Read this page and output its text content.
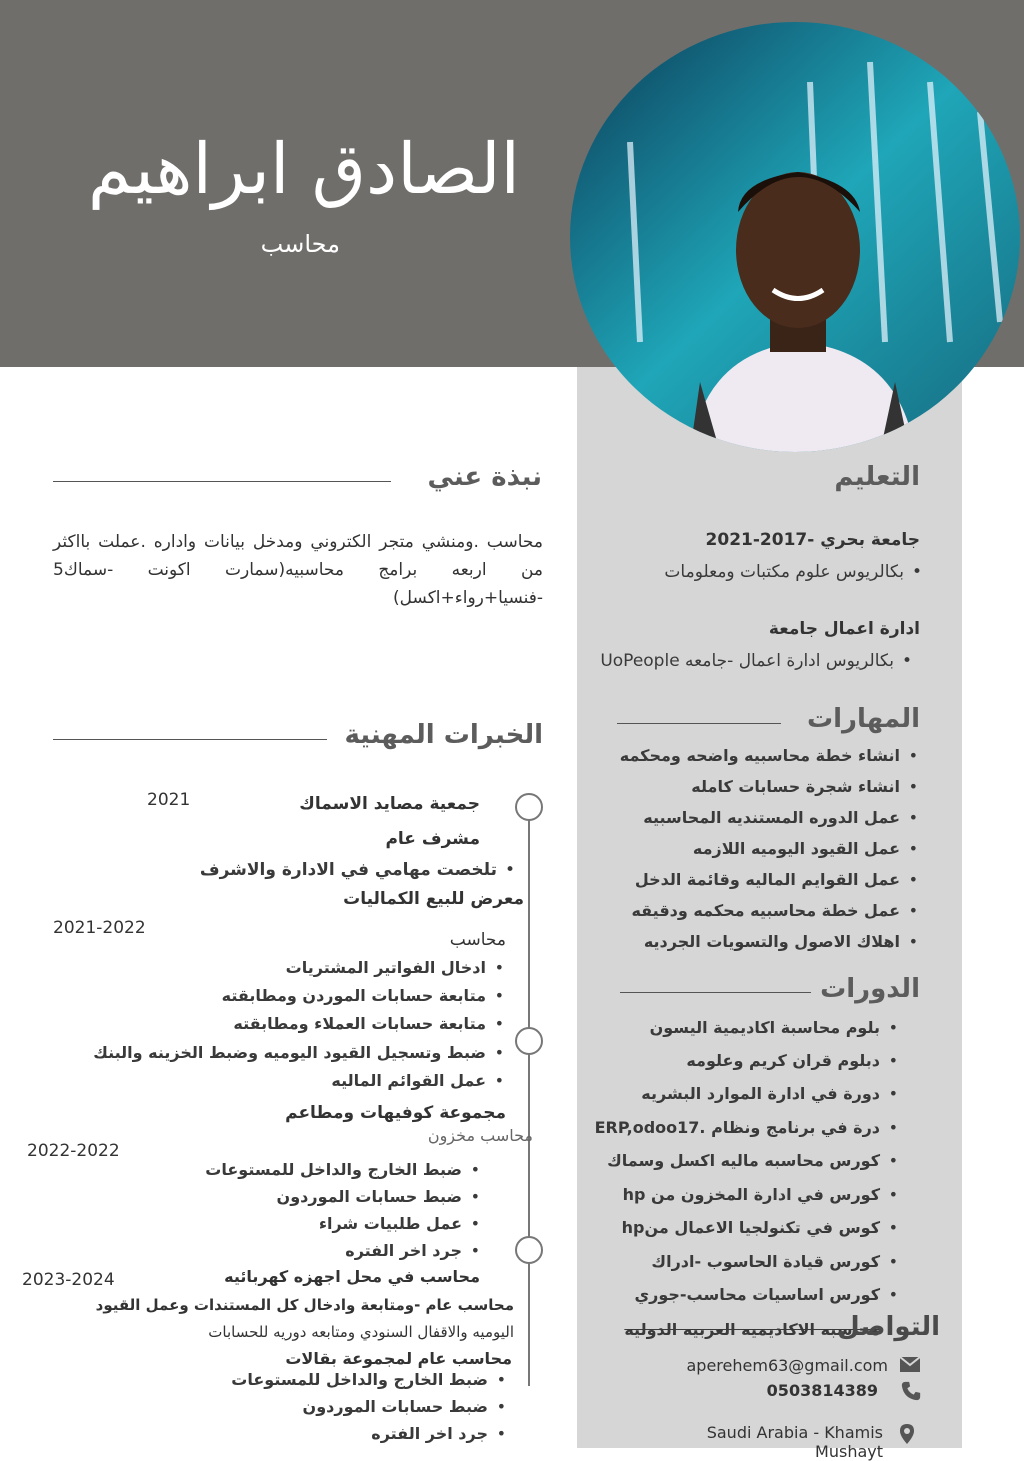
الصادق ابراهيم
محاسب
نبذة عني
محاسب .ومنشي متجر الكتروني ومدخل بيانات واداره .عملت بااكثر من اربعه برامج محاسبيه(سمارت اكونت -سماك5 -فنسيا+رواء+اكسل)
الخبرات المهنية
2021	جمعية مصايد الاسماك
مشرف عام
• تلخصت مهامي في الادارة والاشرف
معرض للبيع الكماليات
2021-2022
محاسب
• ادخال الفواتير المشتريات
• متابعة حسابات الموردن ومطابقته
• متابعة حسابات العملاء ومطابقته
• ضبط وتسجيل القيود اليوميه وضبط الخزينه والبنك
• عمل القوائم الماليه
مجموعة كوفيهات ومطاعم
محاسب مخزون
2022-2022
• ضبط الخارج والداخل للمستوعات
• ضبط حسابات الموردون
• عمل طلبيات شراء
• جرد اخر الفتره
2023-2024	محاسب في محل اجهزه كهربائيه
محاسب عام -ومتابعة وادخال كل المستندات وعمل القيود
اليوميه والاقفال السنودي ومتابعه دوريه للحسابات
محاسب عام لمجموعة بقالات
• ضبط الخارج والداخل للمستوعات
• ضبط حسابات الموردون
• جرد اخر الفتره
التعليم
جامعة بحري -2017-2021
• بكالريوس علوم مكتبات ومعلومات
ادارة اعمال جامعة
• بكالريوس ادارة اعمال -جامعه UoPeople
المهارات
• انشاء خطة محاسبيه واضحه ومحكمه
• انشاء شجرة حسابات كامله
• عمل الدوره المستنديه المحاسبيه
• عمل القيود اليوميه اللازمه
• عمل القوايم الماليه وقائمة الدخل
• عمل خطة محاسبيه محكمه ودقيقه
• اهلاك الاصول والتسويات الجرديه
الدورات
• بلوم محاسبة اكاديمية اليسون
• دبلوم قران كريم وعلومه
• دورة في ادارة الموارد البشريه
• درة في برنامج ونظام .ERP,odoo17
• كورس محاسبه ماليه اكسل وسماك
• كورس في ادارة المخزون من hp
• كوس في تكنولجيا الاعمال منhp
• كورس قيادة الحاسوب -ادراك
• كورس اساسيات محاسب-جوري
محاسبه الاكاديميه العربيه الدوليه
التواصل
aperehem63@gmail.com
0503814389
Saudi Arabia - Khamis Mushayt
